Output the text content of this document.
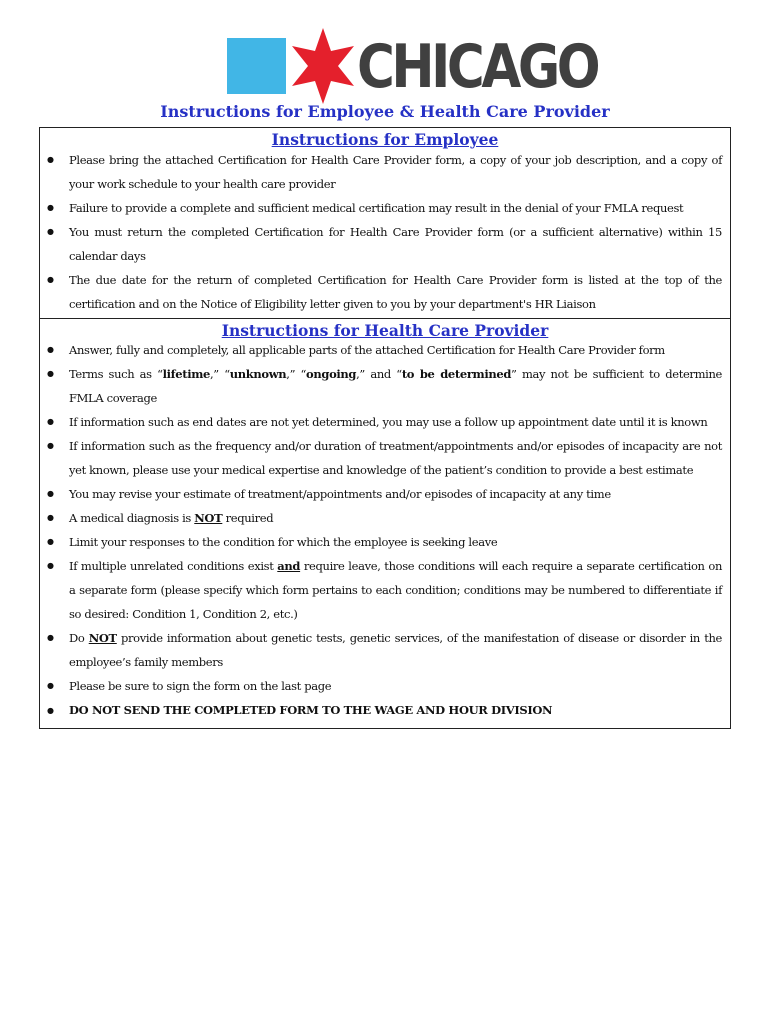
CHICAGO
Instructions for Employee & Health Care Provider
Instructions for Employee
● Please bring the attached Certification for Health Care Provider form, a copy of your job description, and a copy of your work schedule to your health care provider
● Failure to provide a complete and sufficient medical certification may result in the denial of your FMLA request
● You must return the completed Certification for Health Care Provider form (or a sufficient alternative) within 15 calendar days
● The due date for the return of completed Certification for Health Care Provider form is listed at the top of the certification and on the Notice of Eligibility letter given to you by your department's HR Liaison
Instructions for Health Care Provider
● Answer, fully and completely, all applicable parts of the attached Certification for Health Care Provider form
● Terms such as “lifetime,” “unknown,” “ongoing,” and “to be determined” may not be sufficient to determine FMLA coverage
● If information such as end dates are not yet determined, you may use a follow up appointment date until it is known
● If information such as the frequency and/or duration of treatment/appointments and/or episodes of incapacity are not yet known, please use your medical expertise and knowledge of the patient’s condition to provide a best estimate
● You may revise your estimate of treatment/appointments and/or episodes of incapacity at any time
● A medical diagnosis is NOT required
● Limit your responses to the condition for which the employee is seeking leave
● If multiple unrelated conditions exist and require leave, those conditions will each require a separate certification on a separate form (please specify which form pertains to each condition; conditions may be numbered to differentiate if so desired: Condition 1, Condition 2, etc.)
● Do NOT provide information about genetic tests, genetic services, of the manifestation of disease or disorder in the employee’s family members
● Please be sure to sign the form on the last page
● DO NOT SEND THE COMPLETED FORM TO THE WAGE AND HOUR DIVISION
